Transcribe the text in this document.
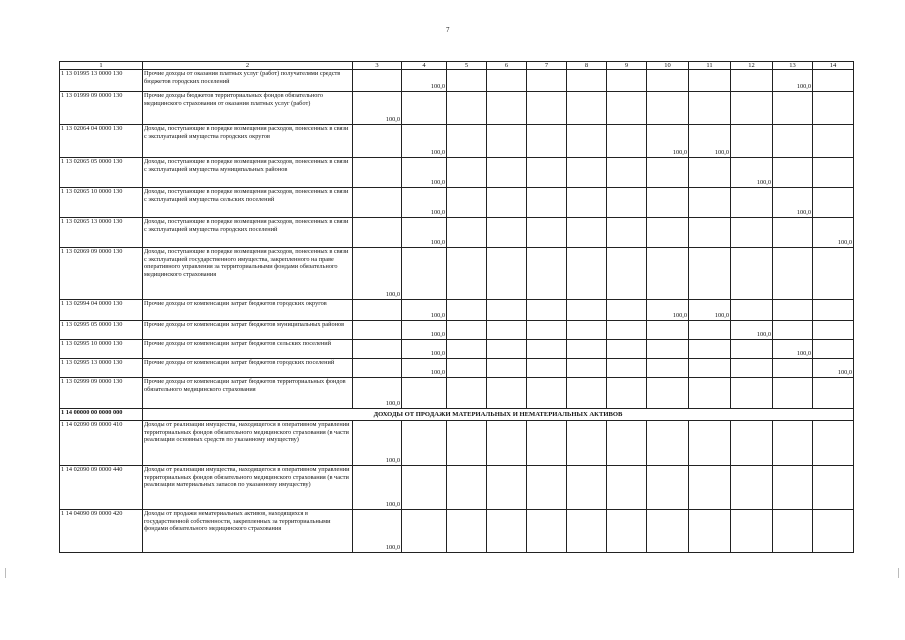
7
1	2	3	4	5	6	7	8	9	10	11	12	13	14
1 13 01995 13 0000 130	Прочие доходы от оказания платных услуг (работ) получателями средств бюджетов городских поселений		100,0									100,0	
1 13 01999 09 0000 130	Прочие доходы бюджетов территориальных фондов обязательного медицинского страхования от оказания платных услуг (работ)	100,0											
1 13 02064 04 0000 130	Доходы, поступающие в порядке возмещения расходов, понесенных в связи с эксплуатацией имущества городских округов		100,0						100,0	100,0			
1 13 02065 05 0000 130	Доходы, поступающие в порядке возмещения расходов, понесенных в связи с эксплуатацией имущества муниципальных районов		100,0								100,0		
1 13 02065 10 0000 130	Доходы, поступающие в порядке возмещения расходов, понесенных в связи с эксплуатацией имущества сельских поселений		100,0									100,0	
1 13 02065 13 0000 130	Доходы, поступающие в порядке возмещения расходов, понесенных в связи с эксплуатацией имущества городских поселений		100,0										100,0
1 13 02069 09 0000 130	Доходы, поступающие в порядке возмещения расходов, понесенных в связи с эксплуатацией государственного имущества, закрепленного на праве оперативного управления за территориальными фондами обязательного медицинского страхования	100,0											
1 13 02994 04 0000 130	Прочие доходы от компенсации затрат бюджетов городских округов		100,0						100,0	100,0			
1 13 02995 05 0000 130	Прочие доходы от компенсации затрат бюджетов муниципальных районов		100,0								100,0		
1 13 02995 10 0000 130	Прочие доходы от компенсации затрат бюджетов сельских поселений		100,0									100,0	
1 13 02995 13 0000 130	Прочие доходы от компенсации затрат бюджетов городских поселений		100,0										100,0
1 13 02999 09 0000 130	Прочие доходы от компенсации затрат бюджетов территориальных фондов обязательного медицинского страхования	100,0											
1 14 00000 00 0000 000	ДОХОДЫ ОТ ПРОДАЖИ МАТЕРИАЛЬНЫХ И НЕМАТЕРИАЛЬНЫХ АКТИВОВ												
1 14 02090 09 0000 410	Доходы от реализации имущества, находящегося в оперативном управлении территориальных фондов обязательного медицинского страхования (в части реализации основных средств по указанному имуществу)	100,0											
1 14 02090 09 0000 440	Доходы от реализации имущества, находящегося в оперативном управлении территориальных фондов обязательного медицинского страхования (в части реализации материальных запасов по указанному имуществу)	100,0											
1 14 04090 09 0000 420	Доходы от продажи нематериальных активов, находящихся в государственной собственности, закрепленных за территориальными фондами обязательного медицинского страхования	100,0											
